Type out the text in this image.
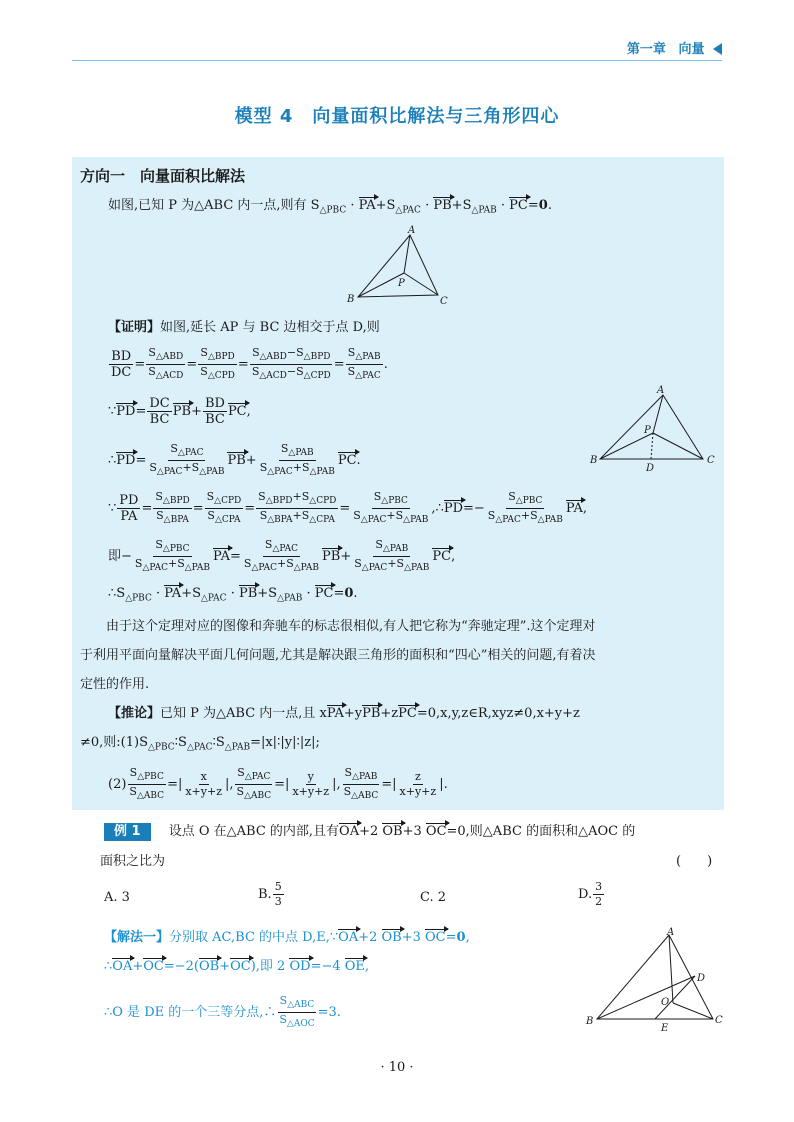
第一章 向量
模型 4　向量面积比解法与三角形四心
方向一　向量面积比解法
如图,已知 P 为△ABC 内一点,则有 $S_{\triangle PBC} \cdot PA+S_{\triangle PAC} \cdot PB+S_{\triangle PAB} \cdot PC=0$.
A
B	C
P
【证明】如图,延长 AP 与 BC 边相交于点 D,则
$\frac{BD}{DC} = \frac{S_{\triangle ABD}}{S_{\triangle ACD}} = \frac{S_{\triangle BPD}}{S_{\triangle CPD}} = \frac{S_{\triangle ABD}-S_{\triangle BPD}}{S_{\triangle ACD}-S_{\triangle CPD}} = \frac{S_{\triangle PAB}}{S_{\triangle PAC}}$ .
∵PD= $\frac{DC}{BC} PB+ \frac{BD}{BC}$ PC,
∴PD= $\frac{S_{\triangle PAC}}{S_{\triangle PAC}+S_{\triangle PAB}} PB+ \frac{S_{\triangle PAB}}{S_{\triangle PAC}+S_{\triangle PAB}}$ PC.
A
B	C
P
D
∵ $\frac{PD}{PA} = \frac{S_{\triangle BPD}}{S_{\triangle BPA}} = \frac{S_{\triangle CPD}}{S_{\triangle CPA}} = \frac{S_{\triangle BPD}+S_{\triangle CPD}}{S_{\triangle BPA}+S_{\triangle CPA}} = \frac{S_{\triangle PBC}}{S_{\triangle PAC}+S_{\triangle PAB}}$ ,∴PD=− $\frac{S_{\triangle PBC}}{S_{\triangle PAC}+S_{\triangle PAB}}$ PA,
即− $\frac{S_{\triangle PBC}}{S_{\triangle PAC}+S_{\triangle PAB}} PA= \frac{S_{\triangle PAC}}{S_{\triangle PAC}+S_{\triangle PAB}} PB+ \frac{S_{\triangle PAB}}{S_{\triangle PAC}+S_{\triangle PAB}}$ PC,
$\therefore S_{\triangle PBC} \cdot PA+S_{\triangle PAC} \cdot PB+S_{\triangle PAB} \cdot PC=0$.
由于这个定理对应的图像和奔驰车的标志很相似,有人把它称为“奔驰定理”.这个定理对
于利用平面向量解决平面几何问题,尤其是解决跟三角形的面积和“四心”相关的问题,有着决
定性的作用.
【推论】已知 P 为△ABC 内一点,且 xPA+yPB+zPC=0,x,y,z∈R,xyz≠0,x+y+z
≠0,则$:(1)S_{\triangle PBC}∶S_{\triangle PAC}∶S_{\triangle PAB}=|x|∶|y|∶|z|$;
$(2) \frac{S_{\triangle PBC}}{S_{\triangle ABC}}$ =| $\frac{x}{x+y+z}$ |, $\frac{S_{\triangle PAC}}{S_{\triangle ABC}}$ =| $\frac{y}{x+y+z}$ |, $\frac{S_{\triangle PAB}}{S_{\triangle ABC}}$ =| $\frac{z}{x+y+z}$ |.
例 1 设点 O 在△ABC 的内部,且有OA+2 OB+3 OC=0,则△ABC 的面积和△AOC 的
面积之比为	(　　)
A. 3	B. $\frac{5}{3}$	C. 2	D. $\frac{3}{2}$
【解法一】分别取 AC,BC 的中点 D,E,∵OA+2 OB+3 OC=0,
∴OA+OC=−2(OB+OC),即 2 OD=−4 OE,
∴O 是 DE 的一个三等分点,∴ $\frac{S_{\triangle ABC}}{S_{\triangle AOC}} =3$.
A
B	C
D
O
E
· 10 ·
